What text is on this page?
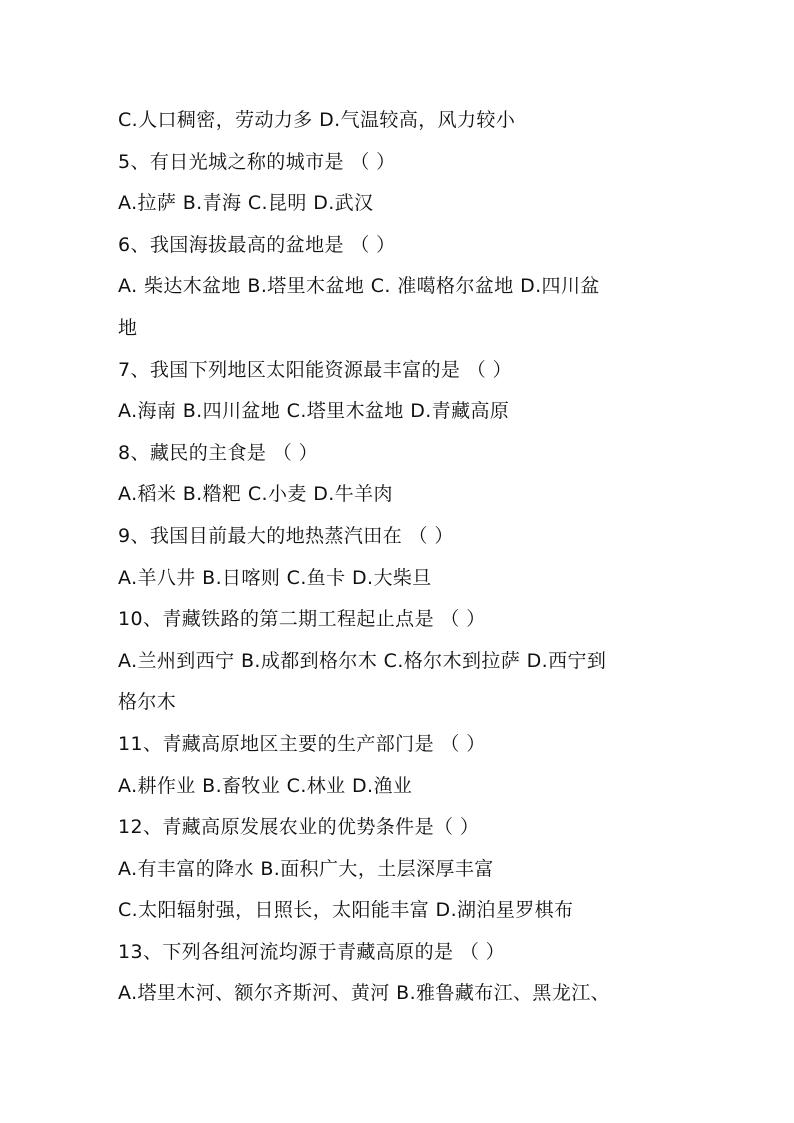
C.人口稠密，劳动力多 D.气温较高，风力较小
5、有日光城之称的城市是 （ ）
A.拉萨 B.青海 C.昆明 D.武汉
6、我国海拔最高的盆地是 （ ）
A. 柴达木盆地 B.塔里木盆地 C. 准噶格尔盆地 D.四川盆
地
7、我国下列地区太阳能资源最丰富的是 （ ）
A.海南 B.四川盆地 C.塔里木盆地 D.青藏高原
8、藏民的主食是 （ ）
A.稻米 B.糌粑 C.小麦 D.牛羊肉
9、我国目前最大的地热蒸汽田在 （ ）
A.羊八井 B.日喀则 C.鱼卡 D.大柴旦
10、青藏铁路的第二期工程起止点是 （ ）
A.兰州到西宁 B.成都到格尔木 C.格尔木到拉萨 D.西宁到
格尔木
11、青藏高原地区主要的生产部门是 （ ）
A.耕作业 B.畜牧业 C.林业 D.渔业
12、青藏高原发展农业的优势条件是（ ）
A.有丰富的降水 B.面积广大，土层深厚丰富
C.太阳辐射强，日照长，太阳能丰富 D.湖泊星罗棋布
13、下列各组河流均源于青藏高原的是 （ ）
A.塔里木河、额尔齐斯河、黄河 B.雅鲁藏布江、黑龙江、
